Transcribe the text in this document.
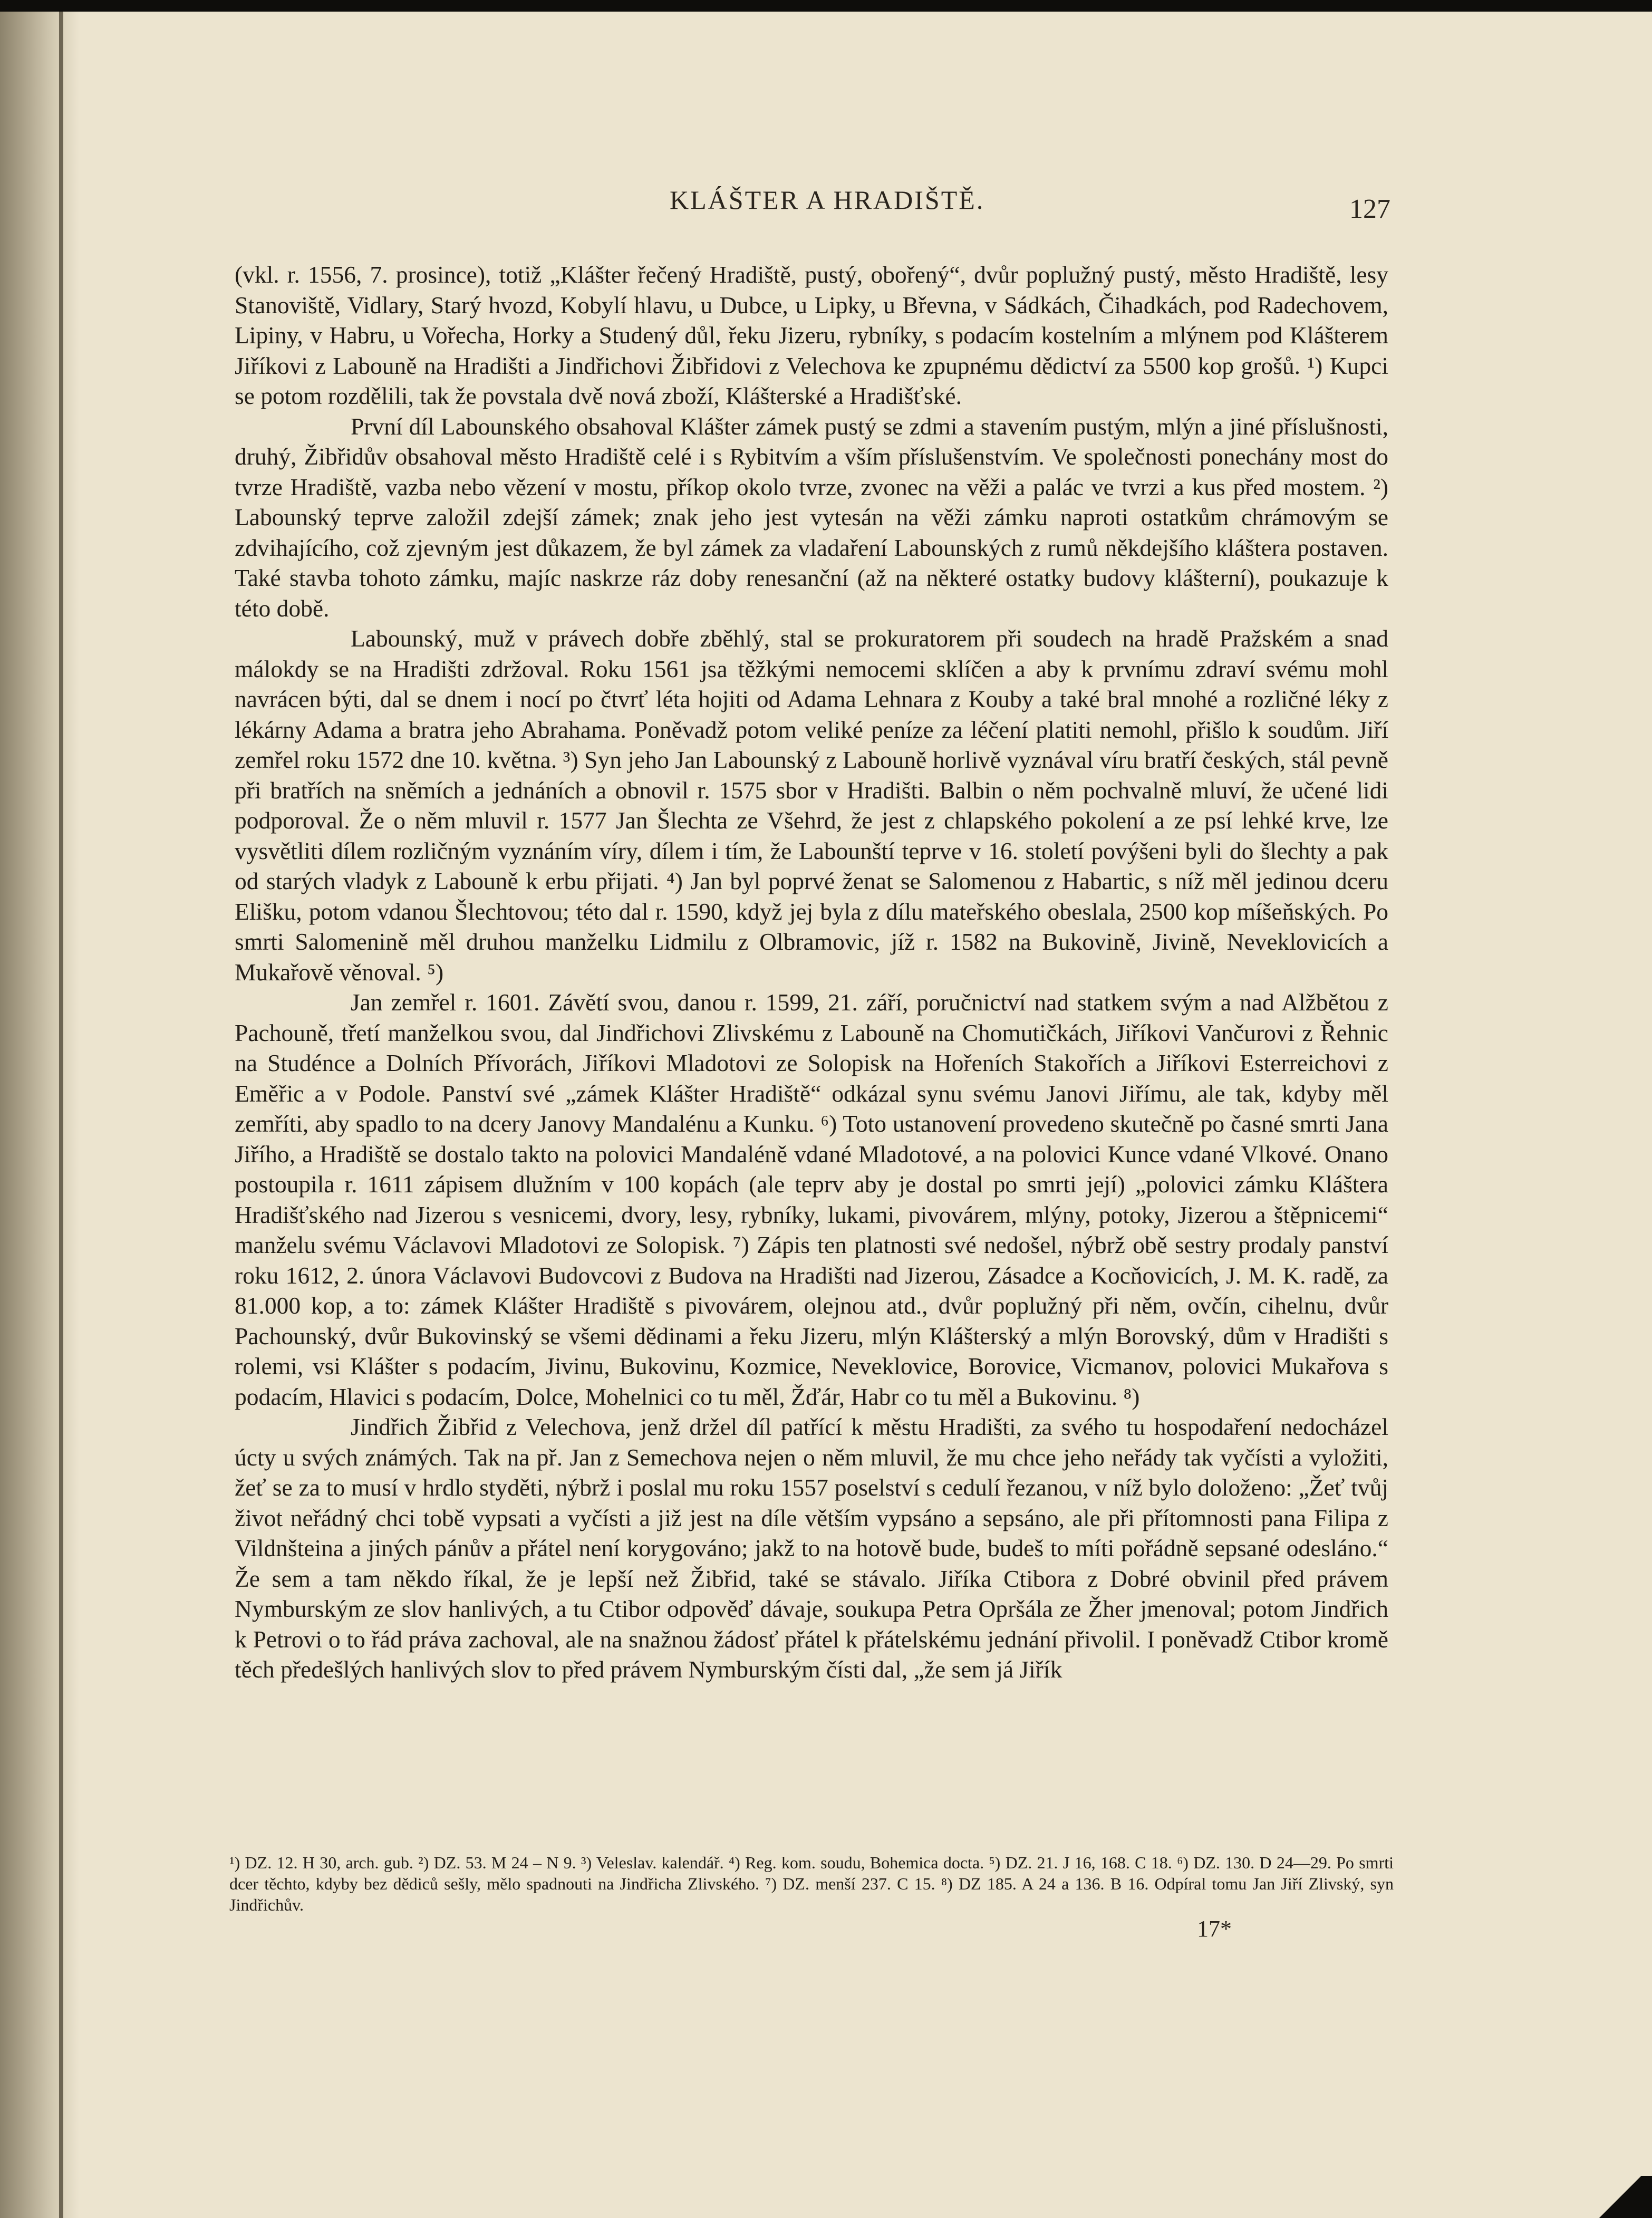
KLÁŠTER A HRADIŠTĚ.	127

(vkl. r. 1556, 7. prosince), totiž „Klášter řečený Hradiště, pustý, obořený“, dvůr poplužný pustý, město Hradiště, lesy Stanoviště, Vidlary, Starý hvozd, Kobylí hlavu, u Dubce, u Lipky, u Břevna, v Sádkách, Čihadkách, pod Radechovem, Lipiny, v Habru, u Vořecha, Horky a Studený důl, řeku Jizeru, rybníky, s podacím kostelním a mlýnem pod Klášterem Jiříkovi z Labouně na Hradišti a Jindřichovi Žibřidovi z Velechova ke zpupnému dědictví za 5500 kop grošů. ¹) Kupci se potom rozdělili, tak že povstala dvě nová zboží, Klášterské a Hradišťské.

První díl Labounského obsahoval Klášter zámek pustý se zdmi a stavením pustým, mlýn a jiné příslušnosti, druhý, Žibřidův obsahoval město Hradiště celé i s Rybitvím a vším příslušenstvím. Ve společnosti ponechány most do tvrze Hradiště, vazba nebo vězení v mostu, příkop okolo tvrze, zvonec na věži a palác ve tvrzi a kus před mostem. ²) Labounský teprve založil zdejší zámek; znak jeho jest vytesán na věži zámku naproti ostatkům chrámovým se zdvihajícího, což zjevným jest důkazem, že byl zámek za vladaření Labounských z rumů někdejšího kláštera postaven. Také stavba tohoto zámku, majíc naskrze ráz doby renesanční (až na některé ostatky budovy klášterní), poukazuje k této době.

Labounský, muž v právech dobře zběhlý, stal se prokuratorem při soudech na hradě Pražském a snad málokdy se na Hradišti zdržoval. Roku 1561 jsa těžkými nemocemi sklíčen a aby k prvnímu zdraví svému mohl navrácen býti, dal se dnem i nocí po čtvrť léta hojiti od Adama Lehnara z Kouby a také bral mnohé a rozličné léky z lékárny Adama a bratra jeho Abrahama. Poněvadž potom veliké peníze za léčení platiti nemohl, přišlo k soudům. Jiří zemřel roku 1572 dne 10. května. ³) Syn jeho Jan Labounský z Labouně horlivě vyznával víru bratří českých, stál pevně při bratřích na sněmích a jednáních a obnovil r. 1575 sbor v Hradišti. Balbin o něm pochvalně mluví, že učené lidi podporoval. Že o něm mluvil r. 1577 Jan Šlechta ze Všehrd, že jest z chlapského pokolení a ze psí lehké krve, lze vysvětliti dílem rozličným vyznáním víry, dílem i tím, že Labounští teprve v 16. století povýšeni byli do šlechty a pak od starých vladyk z Labouně k erbu přijati. ⁴) Jan byl poprvé ženat se Salomenou z Habartic, s níž měl jedinou dceru Elišku, potom vdanou Šlechtovou; této dal r. 1590, když jej byla z dílu mateřského obeslala, 2500 kop míšeňských. Po smrti Salomenině měl druhou manželku Lidmilu z Olbramovic, jíž r. 1582 na Bukovině, Jivině, Neveklovicích a Mukařově věnoval. ⁵)

Jan zemřel r. 1601. Závětí svou, danou r. 1599, 21. září, poručnictví nad statkem svým a nad Alžbětou z Pachouně, třetí manželkou svou, dal Jindřichovi Zlivskému z Labouně na Chomutičkách, Jiříkovi Vančurovi z Řehnic na Studénce a Dolních Přívorách, Jiříkovi Mladotovi ze Solopisk na Hořeních Stakořích a Jiříkovi Esterreichovi z Eměřic a v Podole. Panství své „zámek Klášter Hradiště“ odkázal synu svému Janovi Jiřímu, ale tak, kdyby měl zemříti, aby spadlo to na dcery Janovy Mandalénu a Kunku. ⁶) Toto ustanovení provedeno skutečně po časné smrti Jana Jiřího, a Hradiště se dostalo takto na polovici Mandaléně vdané Mladotové, a na polovici Kunce vdané Vlkové. Onano postoupila r. 1611 zápisem dlužním v 100 kopách (ale teprv aby je dostal po smrti její) „polovici zámku Kláštera Hradišťského nad Jizerou s vesnicemi, dvory, lesy, rybníky, lukami, pivovárem, mlýny, potoky, Jizerou a štěpnicemi“ manželu svému Václavovi Mladotovi ze Solopisk. ⁷) Zápis ten platnosti své nedošel, nýbrž obě sestry prodaly panství roku 1612, 2. února Václavovi Budovcovi z Budova na Hradišti nad Jizerou, Zásadce a Kocňovicích, J. M. K. radě, za 81.000 kop, a to: zámek Klášter Hradiště s pivovárem, olejnou atd., dvůr poplužný při něm, ovčín, cihelnu, dvůr Pachounský, dvůr Bukovinský se všemi dědinami a řeku Jizeru, mlýn Klášterský a mlýn Borovský, dům v Hradišti s rolemi, vsi Klášter s podacím, Jivinu, Bukovinu, Kozmice, Neveklovice, Borovice, Vicmanov, polovici Mukařova s podacím, Hlavici s podacím, Dolce, Mohelnici co tu měl, Žďár, Habr co tu měl a Bukovinu. ⁸)

Jindřich Žibřid z Velechova, jenž držel díl patřící k městu Hradišti, za svého tu hospodaření nedocházel úcty u svých známých. Tak na př. Jan z Semechova nejen o něm mluvil, že mu chce jeho neřády tak vyčísti a vyložiti, žeť se za to musí v hrdlo styděti, nýbrž i poslal mu roku 1557 poselství s cedulí řezanou, v níž bylo doloženo: „Žeť tvůj život neřádný chci tobě vypsati a vyčísti a již jest na díle větším vypsáno a sepsáno, ale při přítomnosti pana Filipa z Vildnšteina a jiných pánův a přátel není korygováno; jakž to na hotově bude, budeš to míti pořádně sepsané odesláno.“ Že sem a tam někdo říkal, že je lepší než Žibřid, také se stávalo. Jiříka Ctibora z Dobré obvinil před právem Nymburským ze slov hanlivých, a tu Ctibor odpověď dávaje, soukupa Petra Opršála ze Žher jmenoval; potom Jindřich k Petrovi o to řád práva zachoval, ale na snažnou žádosť přátel k přátelskému jednání přivolil. I poněvadž Ctibor kromě těch předešlých hanlivých slov to před právem Nymburským čísti dal, „že sem já Jiřík

¹) DZ. 12. H 30, arch. gub. ²) DZ. 53. M 24 – N 9. ³) Veleslav. kalendář. ⁴) Reg. kom. soudu, Bohemica docta. ⁵) DZ. 21. J 16, 168. C 18. ⁶) DZ. 130. D 24—29. Po smrti dcer těchto, kdyby bez dědiců sešly, mělo spadnouti na Jindřicha Zlivského. ⁷) DZ. menší 237. C 15. ⁸) DZ 185. A 24 a 136. B 16. Odpíral tomu Jan Jiří Zlivský, syn Jindřichův.

17*
